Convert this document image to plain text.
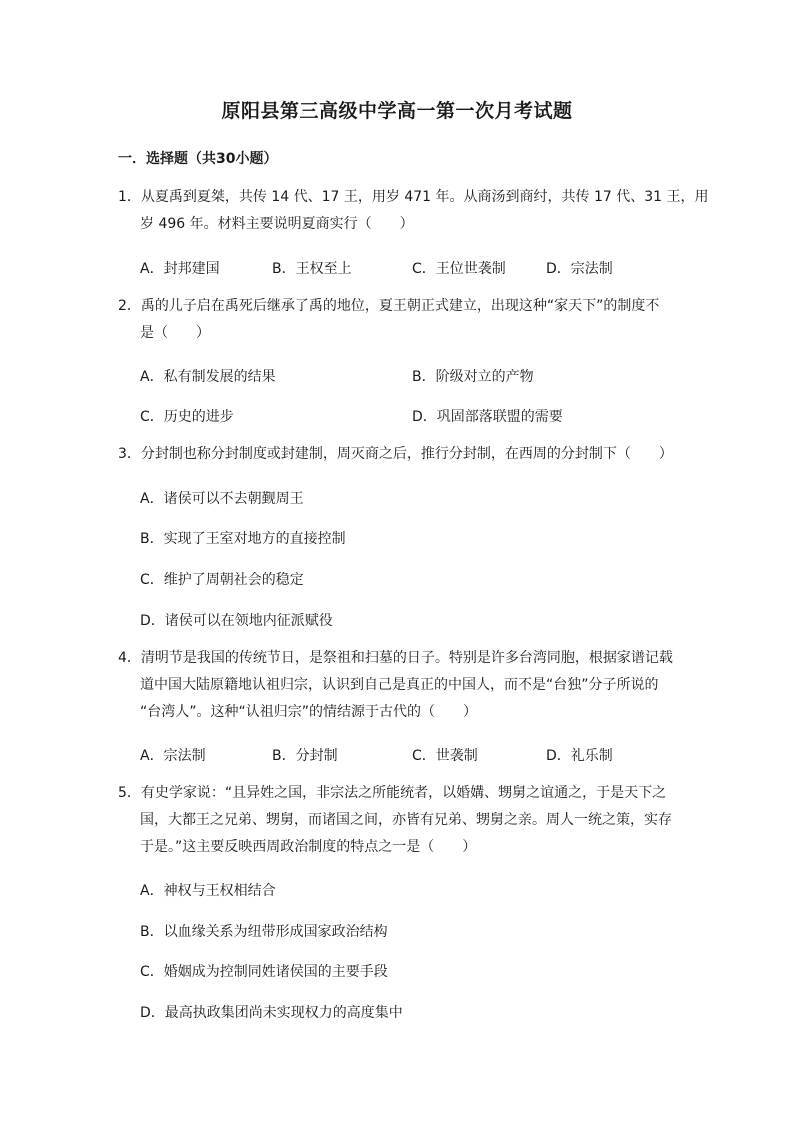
原阳县第三高级中学高一第一次月考试题
一．选择题（共30小题）
1．从夏禹到夏桀，共传 14 代、17 王，用岁 471 年。从商汤到商纣，共传 17 代、31 王，用
岁 496 年。材料主要说明夏商实行（　　）
A．封邦建国	B．王权至上	C．王位世袭制	D．宗法制
2．禹的儿子启在禹死后继承了禹的地位，夏王朝正式建立，出现这种“家天下”的制度不
是（　　）
A．私有制发展的结果	B．阶级对立的产物
C．历史的进步	D．巩固部落联盟的需要
3．分封制也称分封制度或封建制，周灭商之后，推行分封制，在西周的分封制下（　　）
A．诸侯可以不去朝觐周王
B．实现了王室对地方的直接控制
C．维护了周朝社会的稳定
D．诸侯可以在领地内征派赋役
4．清明节是我国的传统节日，是祭祖和扫墓的日子。特别是许多台湾同胞，根据家谱记载
道中国大陆原籍地认祖归宗，认识到自己是真正的中国人，而不是“台独”分子所说的
“台湾人”。这种“认祖归宗”的情结源于古代的（　　）
A．宗法制	B．分封制	C．世袭制	D．礼乐制
5．有史学家说：“且异姓之国，非宗法之所能统者，以婚媾、甥舅之谊通之，于是天下之
国，大都王之兄弟、甥舅，而诸国之间，亦皆有兄弟、甥舅之亲。周人一统之策，实存
于是。”这主要反映西周政治制度的特点之一是（　　）
A．神权与王权相结合
B．以血缘关系为纽带形成国家政治结构
C．婚姻成为控制同姓诸侯国的主要手段
D．最高执政集团尚未实现权力的高度集中
